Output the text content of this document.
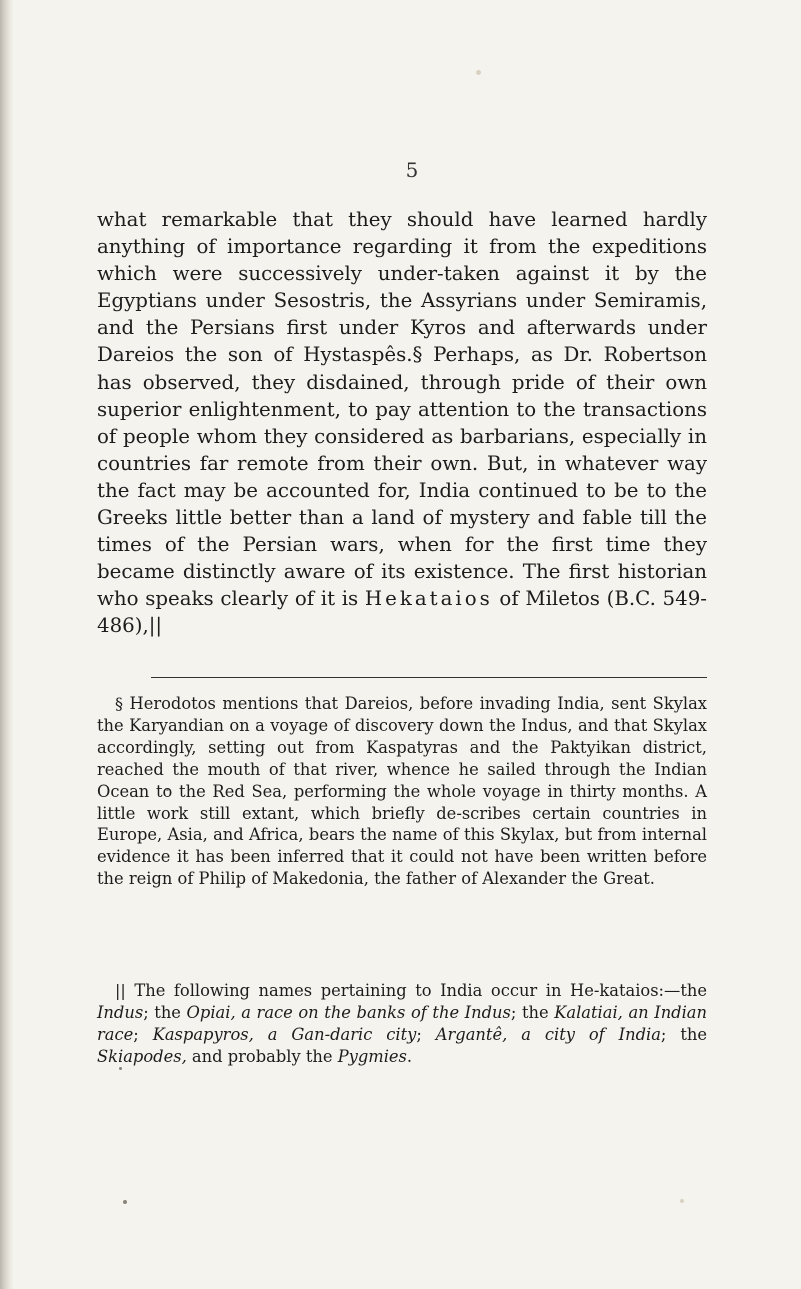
5

what remarkable that they should have learned hardly anything of importance regarding it from the expeditions which were successively under-taken against it by the Egyptians under Sesostris, the Assyrians under Semiramis, and the Persians first under Kyros and afterwards under Dareios the son of Hystaspês.§ Perhaps, as Dr. Robertson has observed, they disdained, through pride of their own superior enlightenment, to pay attention to the transactions of people whom they considered as barbarians, especially in countries far remote from their own. But, in whatever way the fact may be accounted for, India continued to be to the Greeks little better than a land of mystery and fable till the times of the Persian wars, when for the first time they became distinctly aware of its existence. The first historian who speaks clearly of it is Hekataios of Miletos (B.C. 549-486),||

§ Herodotos mentions that Dareios, before invading India, sent Skylax the Karyandian on a voyage of discovery down the Indus, and that Skylax accordingly, setting out from Kaspatyras and the Paktyikan district, reached the mouth of that river, whence he sailed through the Indian Ocean to the Red Sea, performing the whole voyage in thirty months. A little work still extant, which briefly de-scribes certain countries in Europe, Asia, and Africa, bears the name of this Skylax, but from internal evidence it has been inferred that it could not have been written before the reign of Philip of Makedonia, the father of Alexander the Great.

|| The following names pertaining to India occur in He-kataios:—the Indus; the Opiai, a race on the banks of the Indus; the Kalatiai, an Indian race; Kaspapyros, a Gan-daric city; Argantê, a city of India; the Skiapodes, and probably the Pygmies.
